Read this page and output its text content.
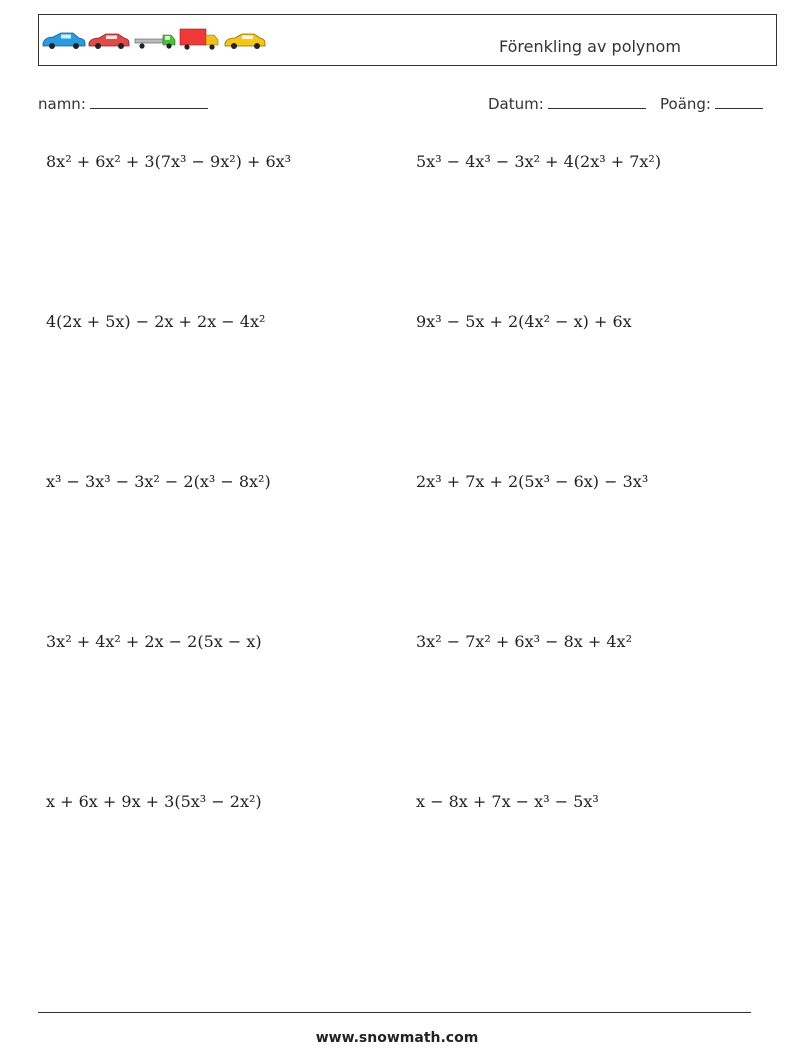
Förenkling av polynom
namn:	Datum:	Poäng:
8x² + 6x² + 3(7x³ − 9x²) + 6x³	5x³ − 4x³ − 3x² + 4(2x³ + 7x²)
4(2x + 5x) − 2x + 2x − 4x²	9x³ − 5x + 2(4x² − x) + 6x
x³ − 3x³ − 3x² − 2(x³ − 8x²)	2x³ + 7x + 2(5x³ − 6x) − 3x³
3x² + 4x² + 2x − 2(5x − x)	3x² − 7x² + 6x³ − 8x + 4x²
x + 6x + 9x + 3(5x³ − 2x²)	x − 8x + 7x − x³ − 5x³
www.snowmath.com
